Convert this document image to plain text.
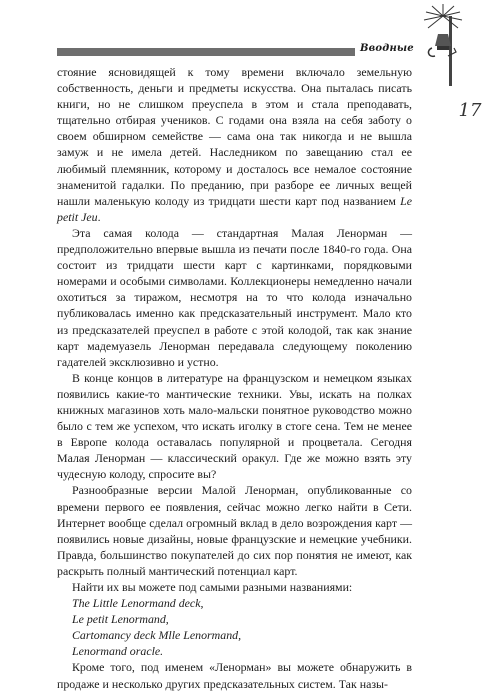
Вводные
17

стояние ясновидящей к тому времени включало земельную собственность, деньги и предметы искусства. Она пыталась писать книги, но не слишком преуспела в этом и стала преподавать, тщательно отбирая учеников. С годами она взяла на себя заботу о своем обширном семействе — сама она так никогда и не вышла замуж и не имела детей. Наследником по завещанию стал ее любимый племянник, которому и досталось все немалое состояние знаменитой гадалки. По преданию, при разборе ее личных вещей нашли маленькую колоду из тридцати шести карт под названием Le petit Jeu.

Эта самая колода — стандартная Малая Ленорман — предположительно впервые вышла из печати после 1840-го года. Она состоит из тридцати шести карт с картинками, порядковыми номерами и особыми символами. Коллекционеры немедленно начали охотиться за тиражом, несмотря на то что колода изначально публиковалась именно как предсказательный инструмент. Мало кто из предсказателей преуспел в работе с этой колодой, так как знание карт мадемуазель Ленорман передавала следующему поколению гадателей эксклюзивно и устно.

В конце концов в литературе на французском и немецком языках появились какие-то мантические техники. Увы, искать на полках книжных магазинов хоть мало-мальски понятное руководство можно было с тем же успехом, что искать иголку в стоге сена. Тем не менее в Европе колода оставалась популярной и процветала. Сегодня Малая Ленорман — классический оракул. Где же можно взять эту чудесную колоду, спросите вы?

Разнообразные версии Малой Ленорман, опубликованные со времени первого ее появления, сейчас можно легко найти в Сети. Интернет вообще сделал огромный вклад в дело возрождения карт — появились новые дизайны, новые французские и немецкие учебники. Правда, большинство покупателей до сих пор понятия не имеют, как раскрыть полный мантический потенциал карт.

Найти их вы можете под самыми разными названиями:

The Little Lenormand deck,

Le petit Lenormand,

Cartomancy deck Mlle Lenormand,

Lenormand oracle.

Кроме того, под именем «Ленорман» вы можете обнаружить в продаже и несколько других предсказательных систем. Так назы-
